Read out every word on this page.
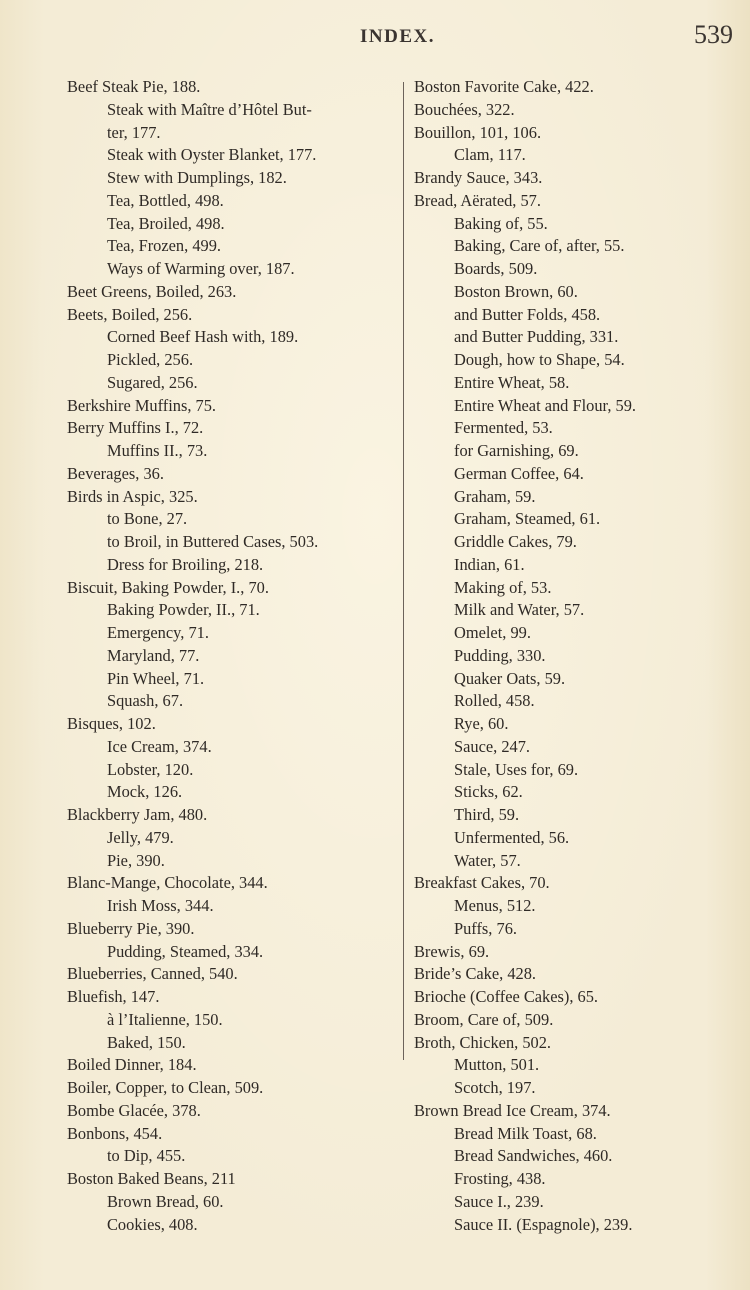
INDEX.	539
Beef Steak Pie, 188.
Steak with Maître d’Hôtel But-
ter, 177.
Steak with Oyster Blanket, 177.
Stew with Dumplings, 182.
Tea, Bottled, 498.
Tea, Broiled, 498.
Tea, Frozen, 499.
Ways of Warming over, 187.
Beet Greens, Boiled, 263.
Beets, Boiled, 256.
Corned Beef Hash with, 189.
Pickled, 256.
Sugared, 256.
Berkshire Muffins, 75.
Berry Muffins I., 72.
Muffins II., 73.
Beverages, 36.
Birds in Aspic, 325.
to Bone, 27.
to Broil, in Buttered Cases, 503.
Dress for Broiling, 218.
Biscuit, Baking Powder, I., 70.
Baking Powder, II., 71.
Emergency, 71.
Maryland, 77.
Pin Wheel, 71.
Squash, 67.
Bisques, 102.
Ice Cream, 374.
Lobster, 120.
Mock, 126.
Blackberry Jam, 480.
Jelly, 479.
Pie, 390.
Blanc-Mange, Chocolate, 344.
Irish Moss, 344.
Blueberry Pie, 390.
Pudding, Steamed, 334.
Blueberries, Canned, 540.
Bluefish, 147.
à l’Italienne, 150.
Baked, 150.
Boiled Dinner, 184.
Boiler, Copper, to Clean, 509.
Bombe Glacée, 378.
Bonbons, 454.
to Dip, 455.
Boston Baked Beans, 211
Brown Bread, 60.
Cookies, 408.
Boston Favorite Cake, 422.
Bouchées, 322.
Bouillon, 101, 106.
Clam, 117.
Brandy Sauce, 343.
Bread, Aërated, 57.
Baking of, 55.
Baking, Care of, after, 55.
Boards, 509.
Boston Brown, 60.
and Butter Folds, 458.
and Butter Pudding, 331.
Dough, how to Shape, 54.
Entire Wheat, 58.
Entire Wheat and Flour, 59.
Fermented, 53.
for Garnishing, 69.
German Coffee, 64.
Graham, 59.
Graham, Steamed, 61.
Griddle Cakes, 79.
Indian, 61.
Making of, 53.
Milk and Water, 57.
Omelet, 99.
Pudding, 330.
Quaker Oats, 59.
Rolled, 458.
Rye, 60.
Sauce, 247.
Stale, Uses for, 69.
Sticks, 62.
Third, 59.
Unfermented, 56.
Water, 57.
Breakfast Cakes, 70.
Menus, 512.
Puffs, 76.
Brewis, 69.
Bride’s Cake, 428.
Brioche (Coffee Cakes), 65.
Broom, Care of, 509.
Broth, Chicken, 502.
Mutton, 501.
Scotch, 197.
Brown Bread Ice Cream, 374.
Bread Milk Toast, 68.
Bread Sandwiches, 460.
Frosting, 438.
Sauce I., 239.
Sauce II. (Espagnole), 239.
